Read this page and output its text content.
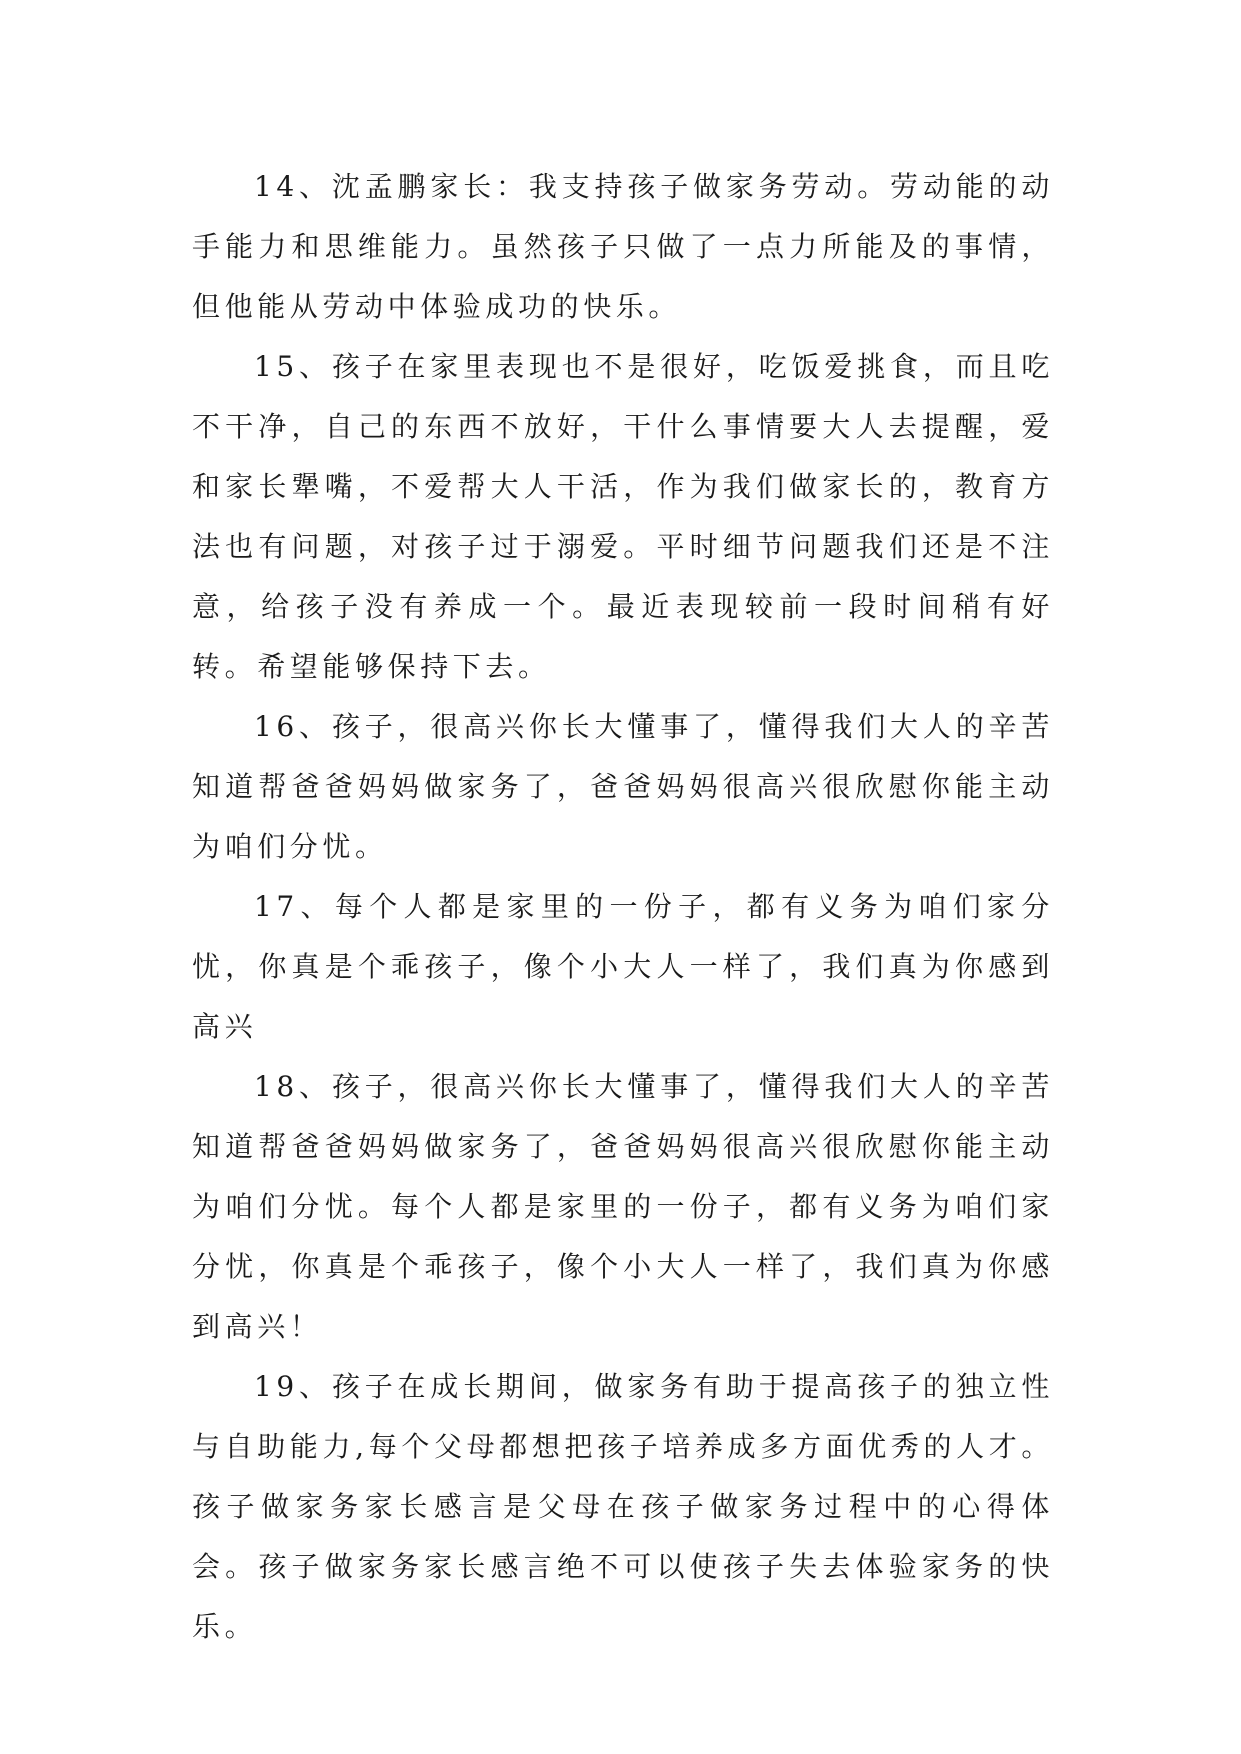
14、沈孟鹏家长：我支持孩子做家务劳动。劳动能的动手能力和思维能力。虽然孩子只做了一点力所能及的事情，但他能从劳动中体验成功的快乐。

15、孩子在家里表现也不是很好，吃饭爱挑食，而且吃不干净，自己的东西不放好，干什么事情要大人去提醒，爱和家长犟嘴，不爱帮大人干活，作为我们做家长的，教育方法也有问题，对孩子过于溺爱。平时细节问题我们还是不注意，给孩子没有养成一个。最近表现较前一段时间稍有好转。希望能够保持下去。

16、孩子，很高兴你长大懂事了，懂得我们大人的辛苦知道帮爸爸妈妈做家务了，爸爸妈妈很高兴很欣慰你能主动为咱们分忧。

17、每个人都是家里的一份子，都有义务为咱们家分忧，你真是个乖孩子，像个小大人一样了，我们真为你感到高兴

18、孩子，很高兴你长大懂事了，懂得我们大人的辛苦知道帮爸爸妈妈做家务了，爸爸妈妈很高兴很欣慰你能主动为咱们分忧。每个人都是家里的一份子，都有义务为咱们家分忧，你真是个乖孩子，像个小大人一样了，我们真为你感到高兴！

19、孩子在成长期间，做家务有助于提高孩子的独立性与自助能力,每个父母都想把孩子培养成多方面优秀的人才。孩子做家务家长感言是父母在孩子做家务过程中的心得体会。孩子做家务家长感言绝不可以使孩子失去体验家务的快乐。
